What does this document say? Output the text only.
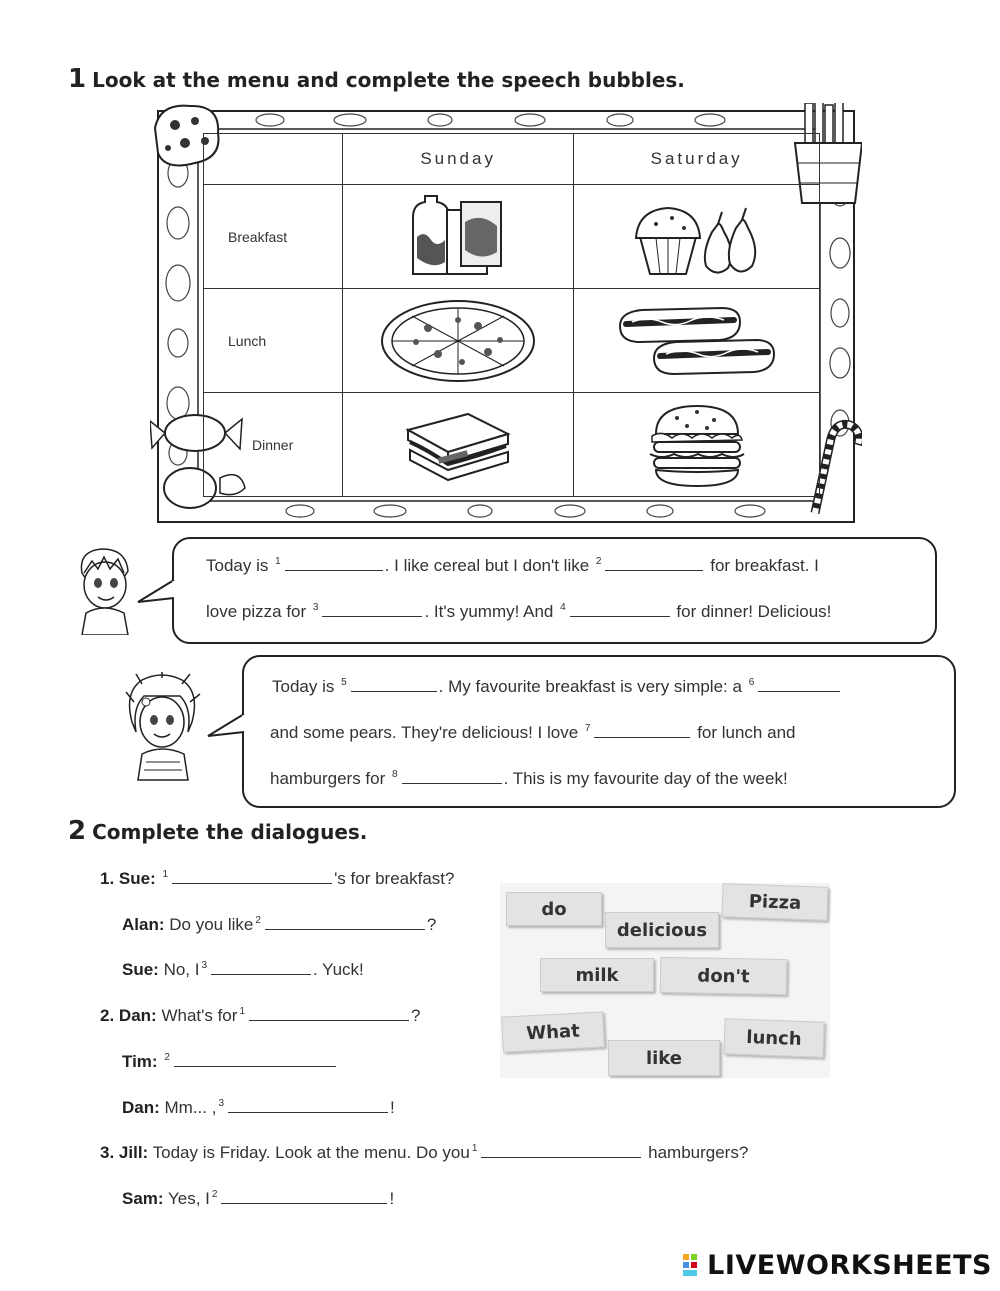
1 Look at the menu and complete the speech bubbles.
	Sunday	Saturday
Breakfast	

Lunch	

Dinner	

Today is $^1$	. I like cereal but I don't like $^2$	for breakfast. I
love pizza for $^3$	. It's yummy! And $^4$	for dinner! Delicious!
Today is $^5$	. My favourite breakfast is very simple: a $^6$
and some pears. They're delicious! I love $^7$	for lunch and
hamburgers for $^8$	. This is my favourite day of the week!
2 Complete the dialogues.
1. Sue: $^1$	's for breakfast?
Alan: Do you like $^2$	?
Sue: No, I $^3$	. Yuck!
2. Dan: What's for $^1$	?
Tim: $^2$
Dan: Mm... , $^3$	!
3. Jill: Today is Friday. Look at the menu. Do you $^1$	hamburgers?
Sam: Yes, I $^2$	!
do	Pizza
delicious
milk	don't
What	lunch
like
LIVEWORKSHEETS
